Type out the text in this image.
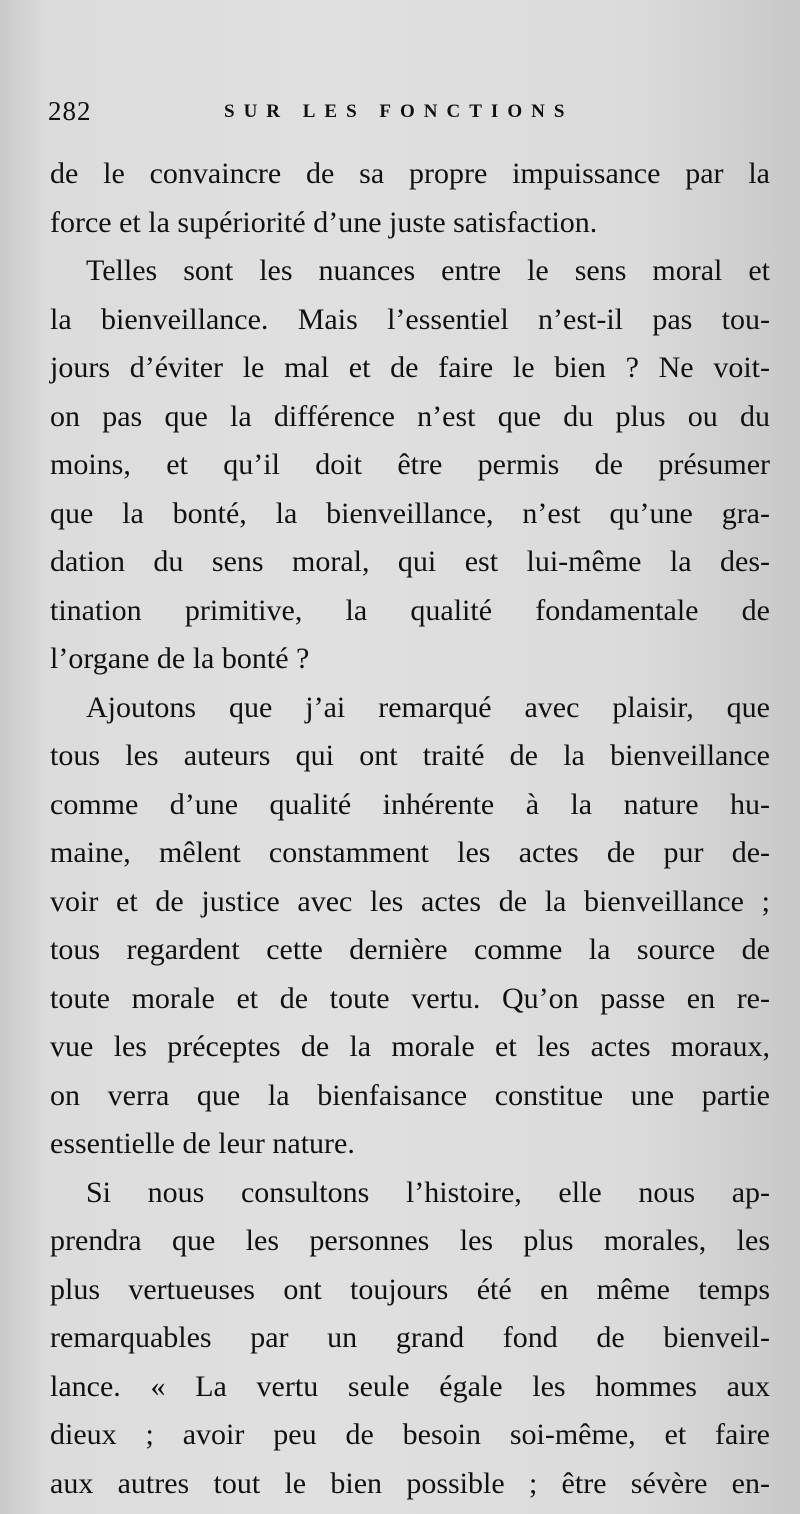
282	SUR LES FONCTIONS
de le convaincre de sa propre impuissance par la
force et la supériorité d’une juste satisfaction.
Telles sont les nuances entre le sens moral et
la bienveillance. Mais l’essentiel n’est-il pas tou-
jours d’éviter le mal et de faire le bien ? Ne voit-
on pas que la différence n’est que du plus ou du
moins, et qu’il doit être permis de présumer
que la bonté, la bienveillance, n’est qu’une gra-
dation du sens moral, qui est lui-même la des-
tination primitive, la qualité fondamentale de
l’organe de la bonté ?
Ajoutons que j’ai remarqué avec plaisir, que
tous les auteurs qui ont traité de la bienveillance
comme d’une qualité inhérente à la nature hu-
maine, mêlent constamment les actes de pur de-
voir et de justice avec les actes de la bienveillance ;
tous regardent cette dernière comme la source de
toute morale et de toute vertu. Qu’on passe en re-
vue les préceptes de la morale et les actes moraux,
on verra que la bienfaisance constitue une partie
essentielle de leur nature.
Si nous consultons l’histoire, elle nous ap-
prendra que les personnes les plus morales, les
plus vertueuses ont toujours été en même temps
remarquables par un grand fond de bienveil-
lance. « La vertu seule égale les hommes aux
dieux ; avoir peu de besoin soi-même, et faire
aux autres tout le bien possible ; être sévère en-
